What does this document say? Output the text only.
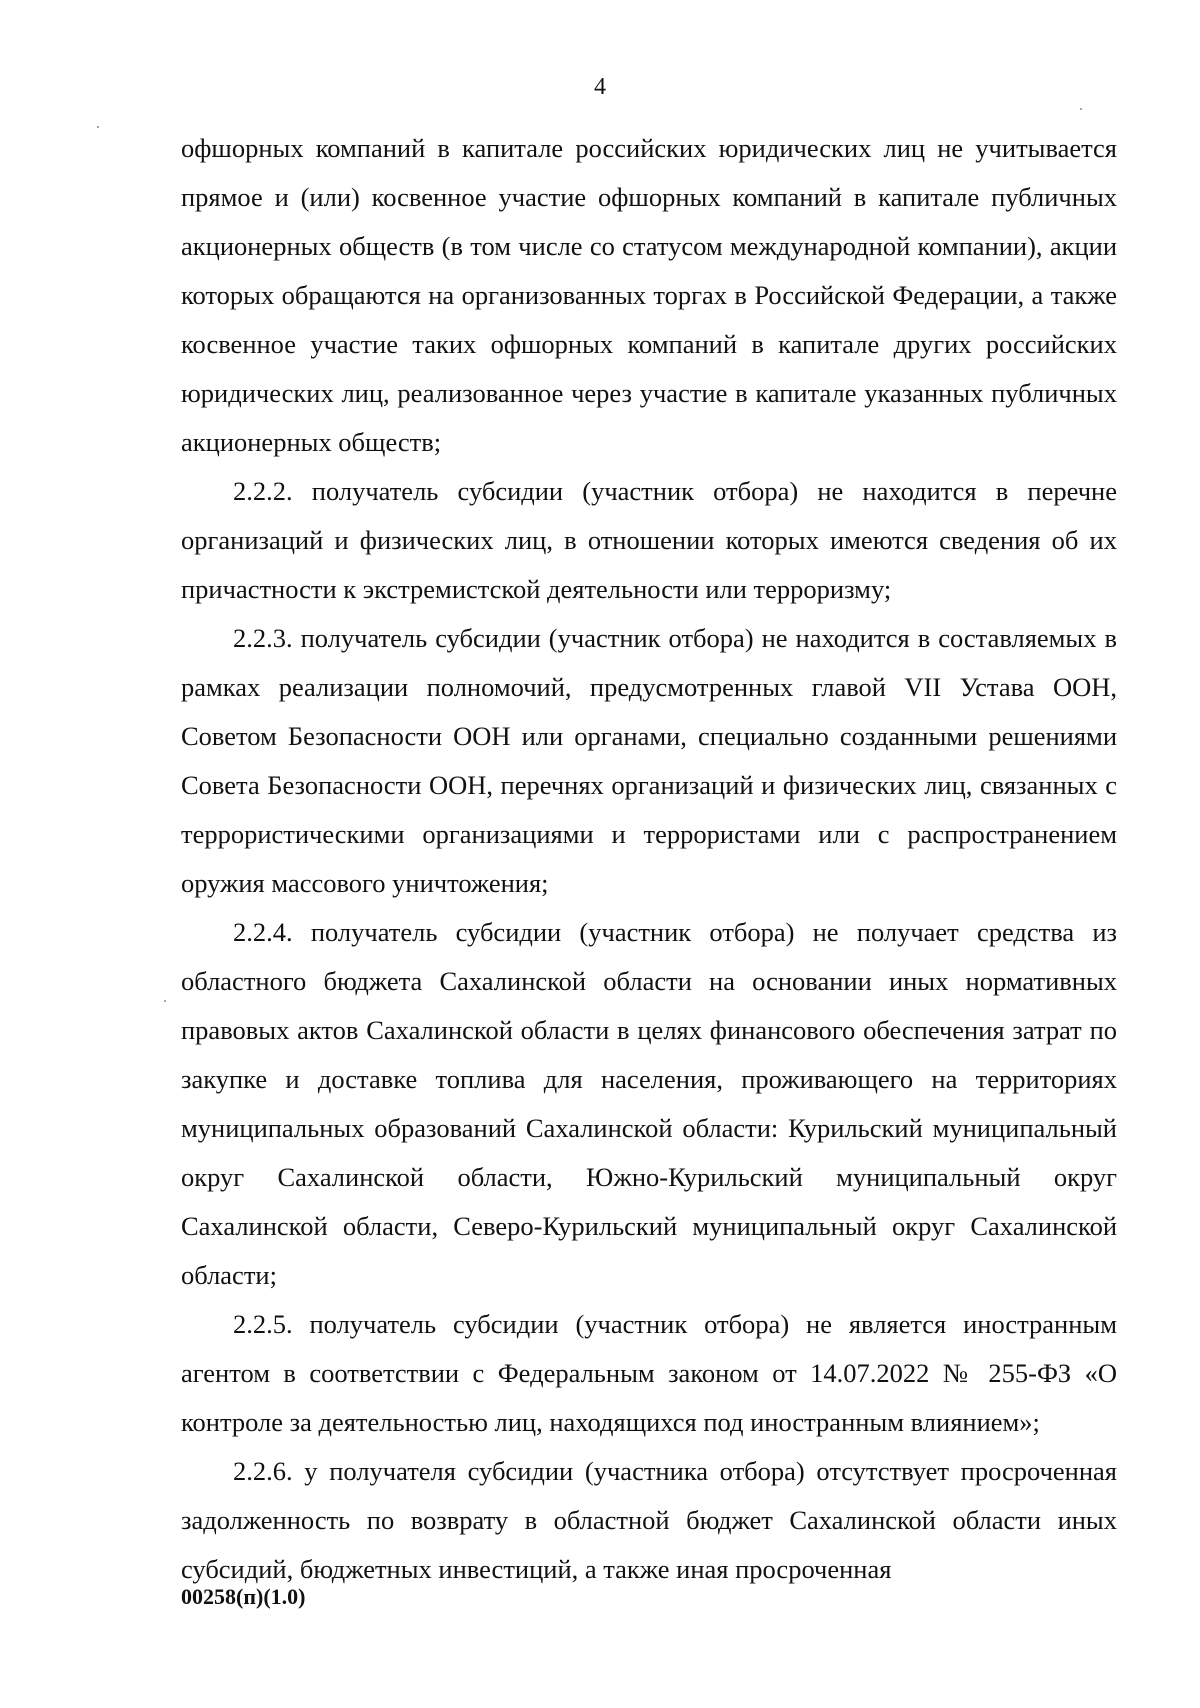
4

офшорных компаний в капитале российских юридических лиц не учитывается прямое и (или) косвенное участие офшорных компаний в капитале публичных акционерных обществ (в том числе со статусом международной компании), акции которых обращаются на организованных торгах в Российской Федерации, а также косвенное участие таких офшорных компаний в капитале других российских юридических лиц, реализованное через участие в капитале указанных публичных акционерных обществ;

2.2.2. получатель субсидии (участник отбора) не находится в перечне организаций и физических лиц, в отношении которых имеются сведения об их причастности к экстремистской деятельности или терроризму;

2.2.3. получатель субсидии (участник отбора) не находится в составляемых в рамках реализации полномочий, предусмотренных главой VII Устава ООН, Советом Безопасности ООН или органами, специально созданными решениями Совета Безопасности ООН, перечнях организаций и физических лиц, связанных с террористическими организациями и террористами или с распространением оружия массового уничтожения;

2.2.4. получатель субсидии (участник отбора) не получает средства из областного бюджета Сахалинской области на основании иных нормативных правовых актов Сахалинской области в целях финансового обеспечения затрат по закупке и доставке топлива для населения, проживающего на территориях муниципальных образований Сахалинской области: Курильский муниципальный округ Сахалинской области, Южно-Курильский муниципальный округ Сахалинской области, Северо-Курильский муниципальный округ Сахалинской области;

2.2.5. получатель субсидии (участник отбора) не является иностранным агентом в соответствии с Федеральным законом от 14.07.2022 № 255-ФЗ «О контроле за деятельностью лиц, находящихся под иностранным влиянием»;

2.2.6. у получателя субсидии (участника отбора) отсутствует просроченная задолженность по возврату в областной бюджет Сахалинской области иных субсидий, бюджетных инвестиций, а также иная просроченная

00258(п)(1.0)
